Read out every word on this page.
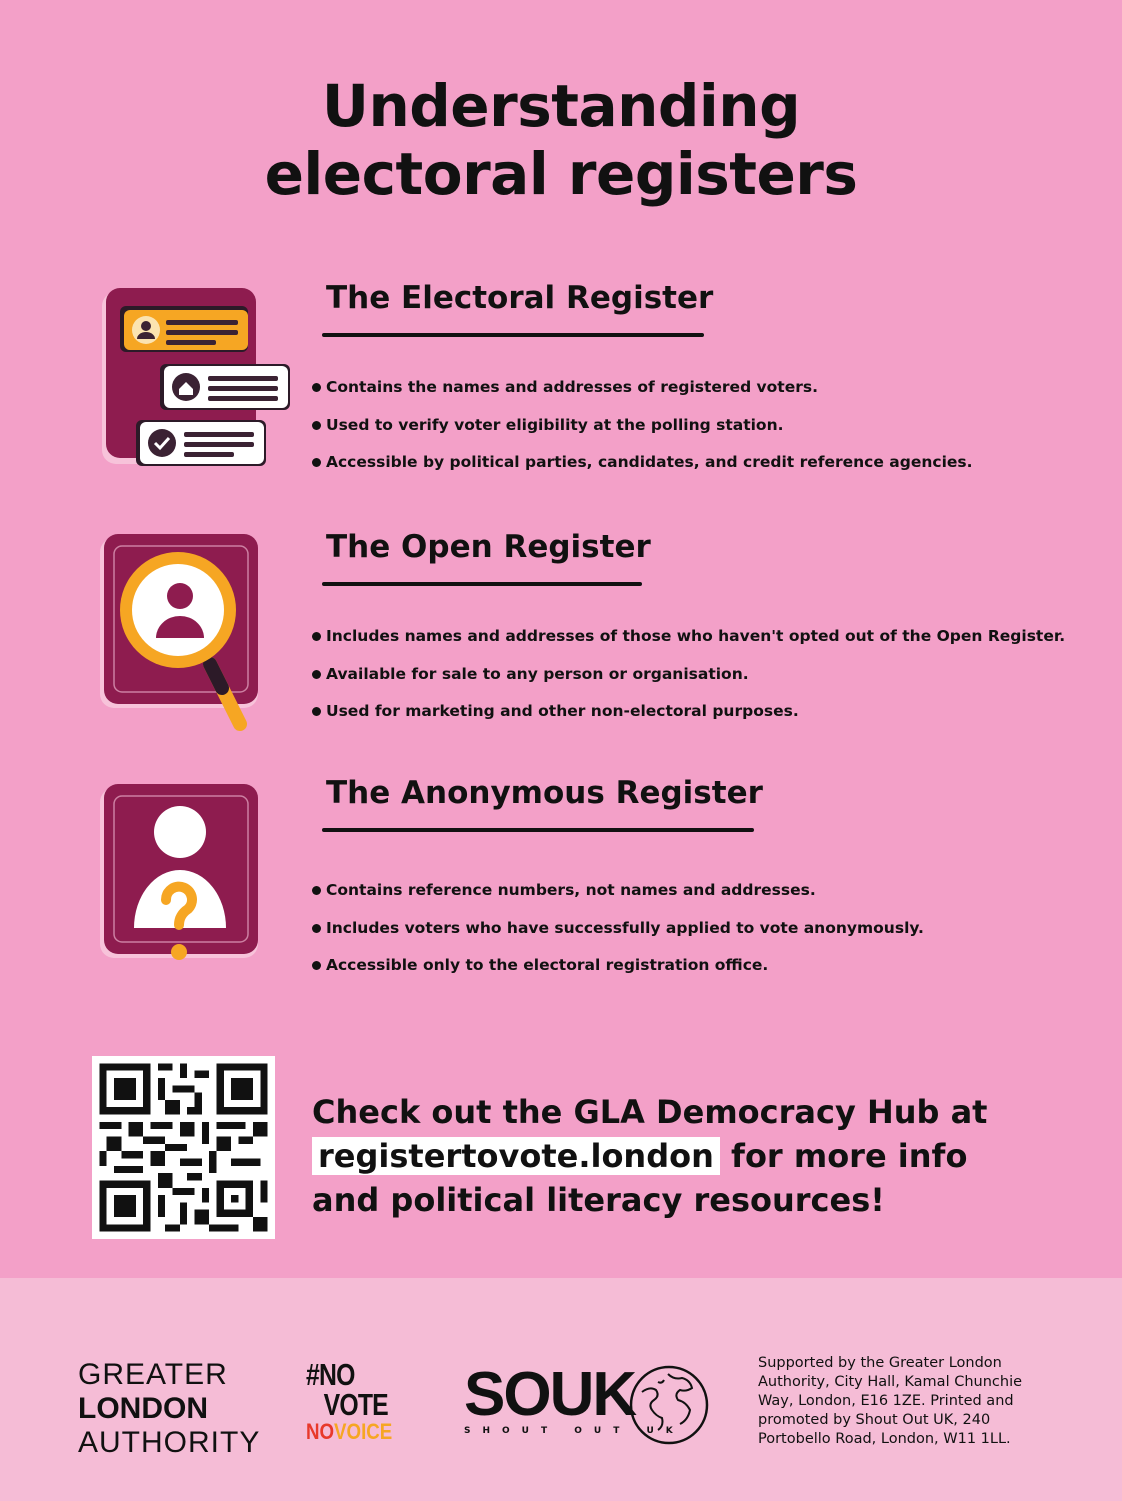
Understanding
electoral registers
The Electoral Register
Contains the names and addresses of registered voters.
Used to verify voter eligibility at the polling station.
Accessible by political parties, candidates, and credit reference agencies.
The Open Register
Includes names and addresses of those who haven't opted out of the Open Register.
Available for sale to any person or organisation.
Used for marketing and other non-electoral purposes.
The Anonymous Register
Contains reference numbers, not names and addresses.
Includes voters who have successfully applied to vote anonymously.
Accessible only to the electoral registration office.
Check out the GLA Democracy Hub at
registertovote.london for more info
and political literacy resources!
GREATER
LONDON
AUTHORITY
#NO
VOTE
NOVOICE
SOUK
SHOUT OUT UK
Supported by the Greater London
Authority, City Hall, Kamal Chunchie
Way, London, E16 1ZE. Printed and
promoted by Shout Out UK, 240
Portobello Road, London, W11 1LL.
